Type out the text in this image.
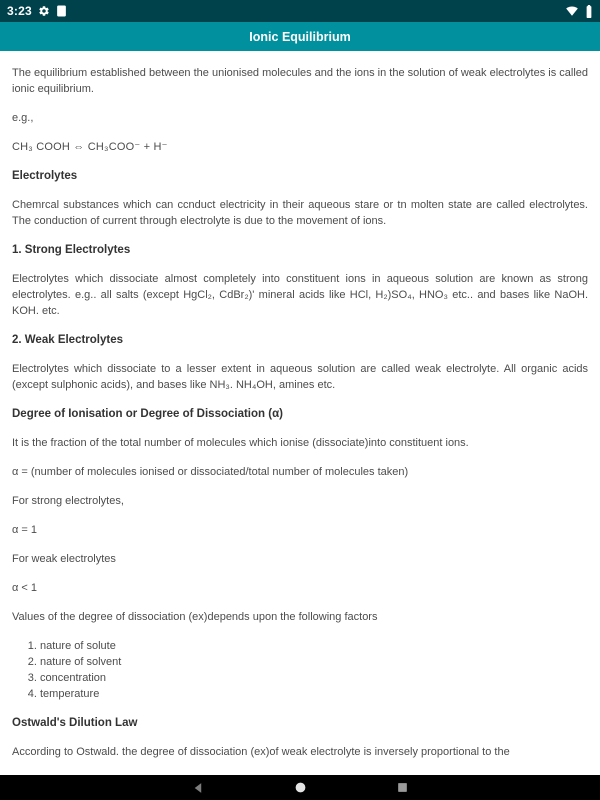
3:23
Ionic Equilibrium

The equilibrium established between the unionised molecules and the ions in the solution of weak electrolytes is called ionic equilibrium.

e.g.,

CH₃ COOH ⇔ CH₃COO⁻ + H⁻

Electrolytes

Chemrcal substances which can ccnduct electricity in their aqueous stare or tn molten state are called electrolytes. The conduction of current through electrolyte is due to the movement of ions.

1. Strong Electrolytes

Electrolytes which dissociate almost completely into constituent ions in aqueous solution are known as strong electrolytes. e.g.. all salts (except HgCl₂, CdBr₂)' mineral acids like HCl, H₂)SO₄, HNO₃ etc.. and bases like NaOH. KOH. etc.

2. Weak Electrolytes

Electrolytes which dissociate to a lesser extent in aqueous solution are called weak electrolyte. All organic acids (except sulphonic acids), and bases like NH₃. NH₄OH, amines etc.

Degree of Ionisation or Degree of Dissociation (α)

It is the fraction of the total number of molecules which ionise (dissociate)into constituent ions.

α = (number of molecules ionised or dissociated/total number of molecules taken)

For strong electrolytes,

α = 1

For weak electrolytes

α < 1

Values of the degree of dissociation (ex)depends upon the following factors

1. nature of solute
2. nature of solvent
3. concentration
4. temperature
Ostwald's Dilution Law

According to Ostwald. the degree of dissociation (ex)of weak electrolyte is inversely proportional to the
